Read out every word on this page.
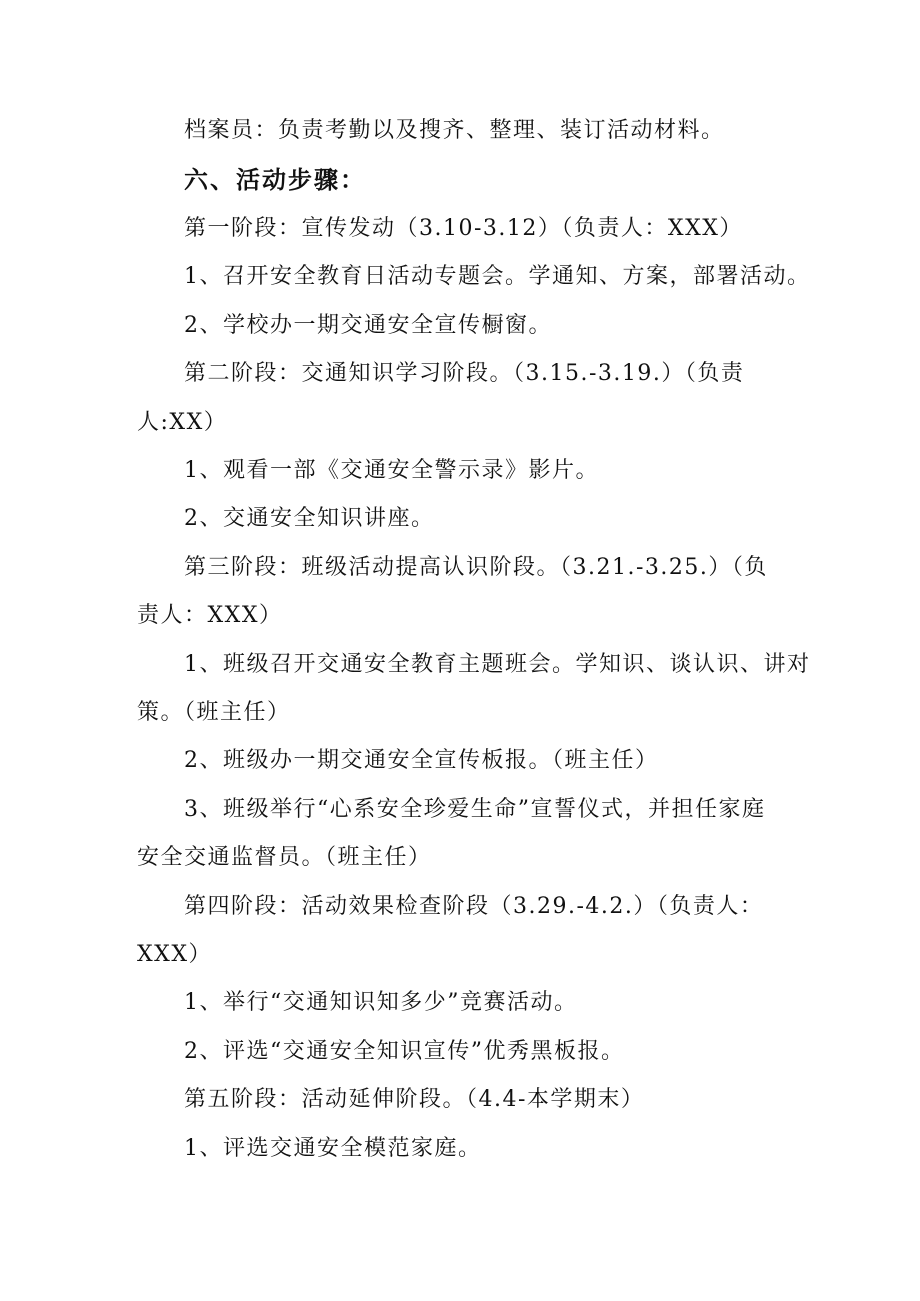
档案员：负责考勤以及搜齐、整理、装订活动材料。
六、活动步骤：
第一阶段：宣传发动（3.10-3.12）（负责人：XXX）
1、召开安全教育日活动专题会。学通知、方案，部署活动。
2、学校办一期交通安全宣传橱窗。
第二阶段：交通知识学习阶段。（3.15.-3.19.）（负责
人:XX）
1、观看一部《交通安全警示录》影片。
2、交通安全知识讲座。
第三阶段：班级活动提高认识阶段。（3.21.-3.25.）（负
责人：XXX）
1、班级召开交通安全教育主题班会。学知识、谈认识、讲对
策。（班主任）
2、班级办一期交通安全宣传板报。（班主任）
3、班级举行“心系安全珍爱生命”宣誓仪式，并担任家庭
安全交通监督员。（班主任）
第四阶段：活动效果检查阶段（3.29.-4.2.）（负责人：
XXX）
1、举行“交通知识知多少”竞赛活动。
2、评选“交通安全知识宣传”优秀黑板报。
第五阶段：活动延伸阶段。（4.4-本学期末）
1、评选交通安全模范家庭。
